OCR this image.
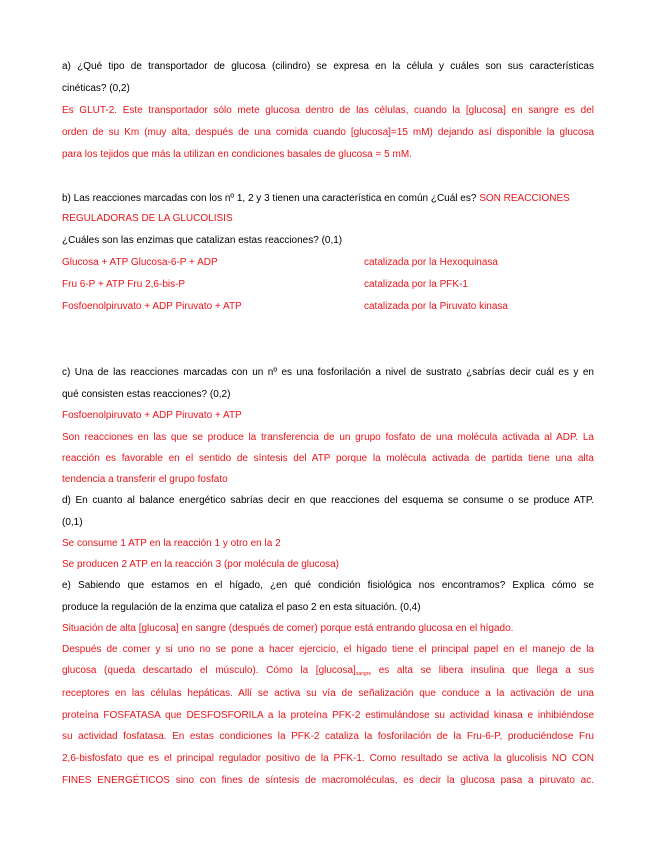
a) ¿Qué tipo de transportador de glucosa (cilindro) se expresa en la célula y cuáles son sus características
cinéticas? (0,2)
Es GLUT-2. Este transportador sólo mete glucosa dentro de las células, cuando la [glucosa] en sangre es del
orden de su Km (muy alta, después de una comida cuando [glucosa]=15 mM) dejando así disponible la glucosa
para los tejidos que más la utilizan en condiciones basales de glucosa = 5 mM.
b) Las reacciones marcadas con los nº 1, 2 y 3 tienen una característica en común ¿Cuál es? SON REACCIONES
REGULADORAS DE LA GLUCOLISIS
¿Cuáles son las enzimas que catalizan estas reacciones? (0,1)
Glucosa + ATP Glucosa-6-P + ADP	catalizada por la Hexoquinasa
Fru 6-P + ATP Fru 2,6-bis-P	catalizada por la PFK-1
Fosfoenolpiruvato + ADP Piruvato + ATP	catalizada por la Piruvato kinasa
c) Una de las reacciones marcadas con un nº es una fosforilación a nivel de sustrato ¿sabrías decir cuál es y en
qué consisten estas reacciones? (0,2)
Fosfoenolpiruvato + ADP Piruvato + ATP
Son reacciones en las que se produce la transferencia de un grupo fosfato de una molécula activada al ADP. La
reacción es favorable en el sentido de síntesis del ATP porque la molécula activada de partida tiene una alta
tendencia a transferir el grupo fosfato
d) En cuanto al balance energético sabrías decir en que reacciones del esquema se consume o se produce ATP.
(0,1)
Se consume 1 ATP en la reacción 1 y otro en la 2
Se producen 2 ATP en la reacción 3 (por molécula de glucosa)
e) Sabiendo que estamos en el hígado, ¿en qué condición fisiológica nos encontramos? Explica cómo se
produce la regulación de la enzima que cataliza el paso 2 en esta situación. (0,4)
Situación de alta [glucosa] en sangre (después de comer) porque está entrando glucosa en el hígado.
Después de comer y si uno no se pone a hacer ejercicio, el hígado tiene el principal papel en el manejo de la
glucosa (queda descartado el músculo). Cómo la $[glucosa]_{sangre}$ es alta se libera insulina que llega a sus
receptores en las células hepáticas. Allí se activa su vía de señalización que conduce a la activación de una
proteína FOSFATASA que DESFOSFORILA a la proteína PFK-2 estimulándose su actividad kinasa e inhibiéndose
su actividad fosfatasa. En estas condiciones la PFK-2 cataliza la fosforilación de la Fru-6-P, produciéndose Fru
2,6-bisfosfato que es el principal regulador positivo de la PFK-1. Como resultado se activa la glucolisis NO CON
FINES ENERGÉTICOS sino con fines de síntesis de macromoléculas, es decir la glucosa pasa a piruvato ac.
